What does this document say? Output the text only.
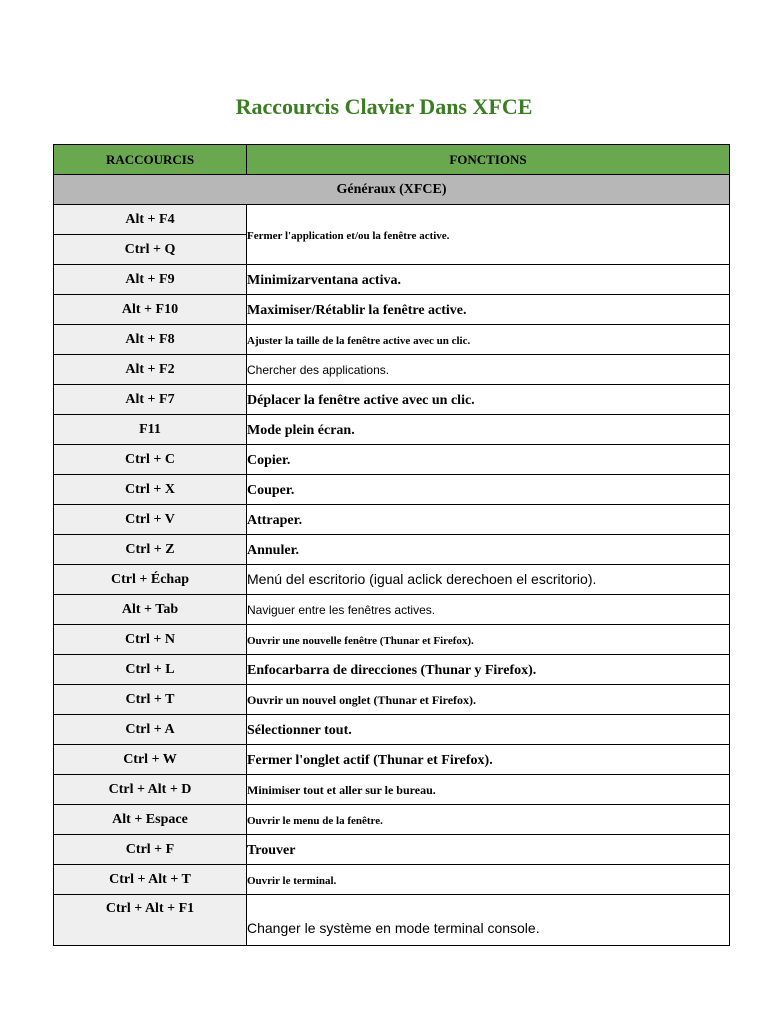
Raccourcis Clavier Dans XFCE
RACCOURCIS	FONCTIONS
Généraux (XFCE)	
Alt + F4	Fermer l'application et/ou la fenêtre active.
Ctrl + Q	
Alt + F9	Minimizarventana activa.
Alt + F10	Maximiser/Rétablir la fenêtre active.
Alt + F8	Ajuster la taille de la fenêtre active avec un clic.
Alt + F2	Chercher des applications.
Alt + F7	Déplacer la fenêtre active avec un clic.
F11	Mode plein écran.
Ctrl + C	Copier.
Ctrl + X	Couper.
Ctrl + V	Attraper.
Ctrl + Z	Annuler.
Ctrl + Échap	Menú del escritorio (igual aclick derechoen el escritorio).
Alt + Tab	Naviguer entre les fenêtres actives.
Ctrl + N	Ouvrir une nouvelle fenêtre (Thunar et Firefox).
Ctrl + L	Enfocarbarra de direcciones (Thunar y Firefox).
Ctrl + T	Ouvrir un nouvel onglet (Thunar et Firefox).
Ctrl + A	Sélectionner tout.
Ctrl + W	Fermer l'onglet actif (Thunar et Firefox).
Ctrl + Alt + D	Minimiser tout et aller sur le bureau.
Alt + Espace	Ouvrir le menu de la fenêtre.
Ctrl + F	Trouver
Ctrl + Alt + T	Ouvrir le terminal.
Ctrl + Alt + F1	Changer le système en mode terminal console.
